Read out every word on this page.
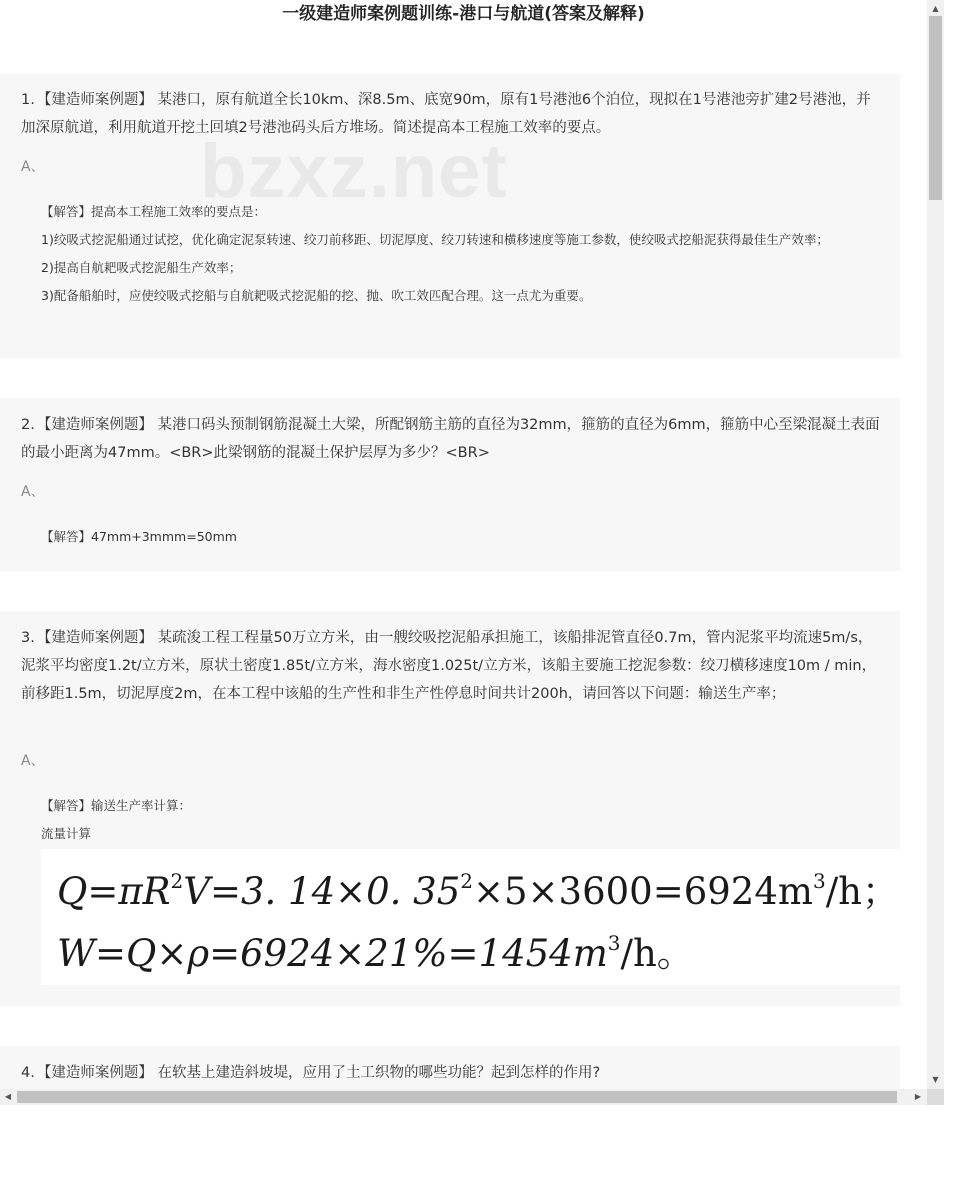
一级建造师案例题训练-港口与航道(答案及解释)
1. 【建造师案例题】 某港口，原有航道全长10km、深8.5m、底宽90m，原有1号港池6个泊位，现拟在1号港池旁扩建2号港池，并加深原航道，利用航道开挖土回填2号港池码头后方堆场。简述提高本工程施工效率的要点。
A、
【解答】提高本工程施工效率的要点是：
1)绞吸式挖泥船通过试挖，优化确定泥泵转速、绞刀前移距、切泥厚度、绞刀转速和横移速度等施工参数，使绞吸式挖船泥获得最佳生产效率；
2)提高自航耙吸式挖泥船生产效率；
3)配备船舶时，应使绞吸式挖船与自航耙吸式挖泥船的挖、抛、吹工效匹配合理。这一点尤为重要。
2. 【建造师案例题】 某港口码头预制钢筋混凝土大梁，所配钢筋主筋的直径为32mm，箍筋的直径为6mm，箍筋中心至梁混凝土表面的最小距离为47mm。<BR>此梁钢筋的混凝土保护层厚为多少？<BR>
A、
【解答】47mm+3mmm=50mm
3. 【建造师案例题】 某疏浚工程工程量50万立方米，由一艘绞吸挖泥船承担施工，该船排泥管直径0.7m，管内泥浆平均流速5m/s，泥浆平均密度1.2t/立方米，原状土密度1.85t/立方米，海水密度1.025t/立方米，该船主要施工挖泥参数：绞刀横移速度10m / min，前移距1.5m，切泥厚度2m，在本工程中该船的生产性和非生产性停息时间共计200h，请回答以下问题：输送生产率；
A、
【解答】输送生产率计算：
流量计算
$Q=\pi R^2V=3$. 14×0. $35^2\times 5\times 3600=6924m^3/h$；
$W=Q\times\rho=6924\times 21\%=1454m^3/h$。
4. 【建造师案例题】 在软基上建造斜坡堤，应用了土工织物的哪些功能？起到怎样的作用?
bzxz.net
▲
▼
◀	▶
